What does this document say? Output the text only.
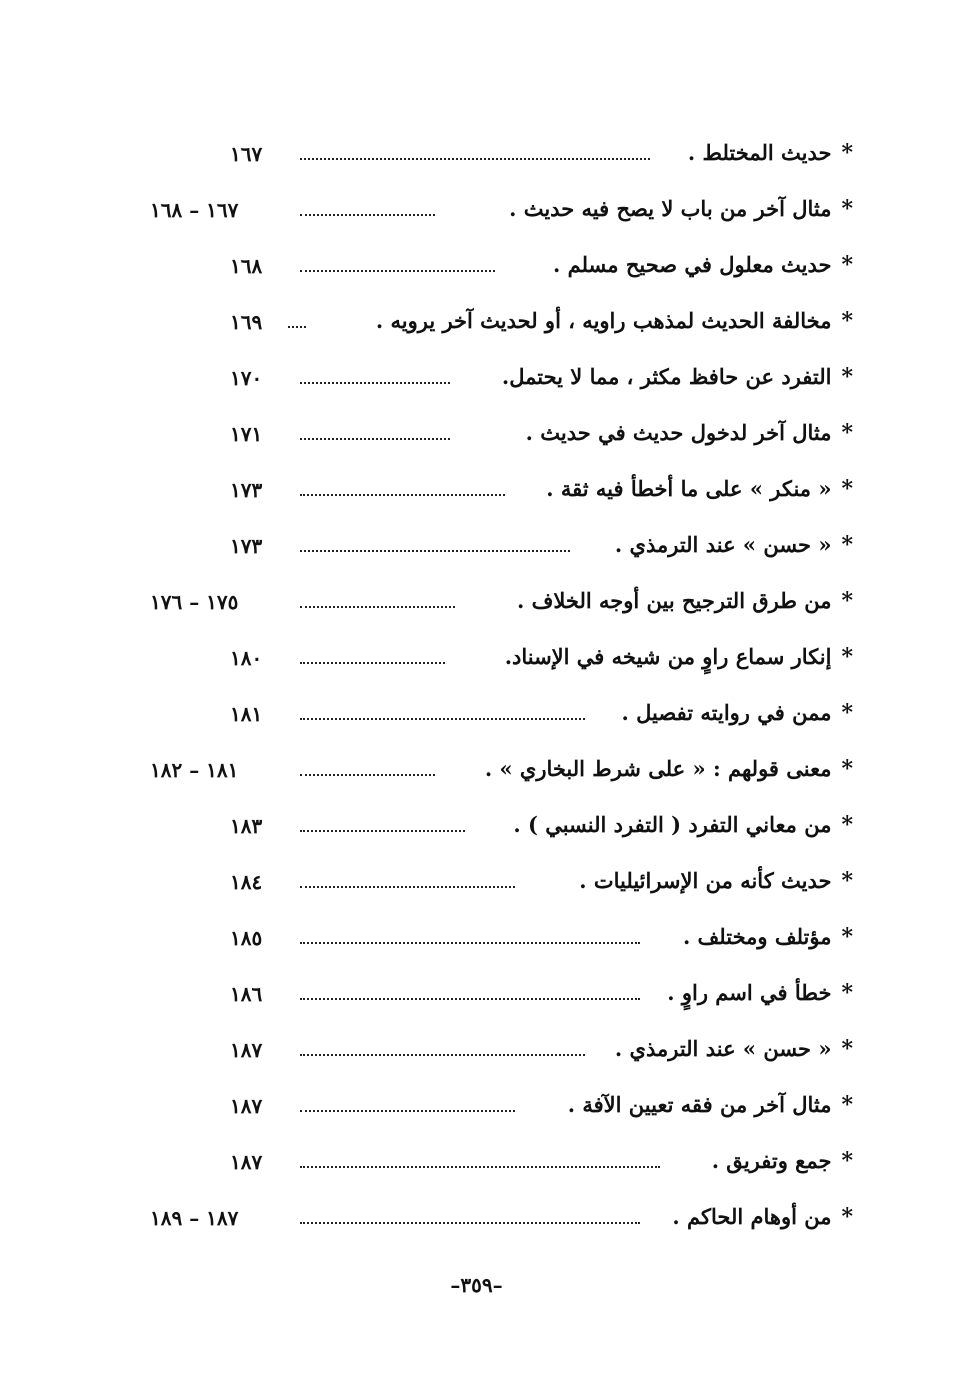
*
حديث المختلط .
١٦٧
*
مثال آخر من باب لا يصح فيه حديث .
١٦٧ – ١٦٨
*
حديث معلول في صحيح مسلم .
١٦٨
*
مخالفة الحديث لمذهب راويه ، أو لحديث آخر يرويه .
١٦٩
*
التفرد عن حافظ مكثر ، مما لا يحتمل.
١٧٠
*
مثال آخر لدخول حديث في حديث .
١٧١
*
« منكر » على ما أخطأ فيه ثقة .
١٧٣
*
« حسن » عند الترمذي .
١٧٣
*
من طرق الترجيح بين أوجه الخلاف .
١٧٥ – ١٧٦
*
إنكار سماع راوٍ من شيخه في الإسناد.
١٨٠
*
ممن في روايته تفصيل .
١٨١
*
معنى قولهم : « على شرط البخاري » .
١٨١ – ١٨٢
*
من معاني التفرد ( التفرد النسبي ) .
١٨٣
*
حديث كأنه من الإسرائيليات .
١٨٤
*
مؤتلف ومختلف .
١٨٥
*
خطأ في اسم راوٍ .
١٨٦
*
« حسن » عند الترمذي .
١٨٧
*
مثال آخر من فقه تعيين الآفة .
١٨٧
*
جمع وتفريق .
١٨٧
*
من أوهام الحاكم .
١٨٧ – ١٨٩
–٣٥٩–
